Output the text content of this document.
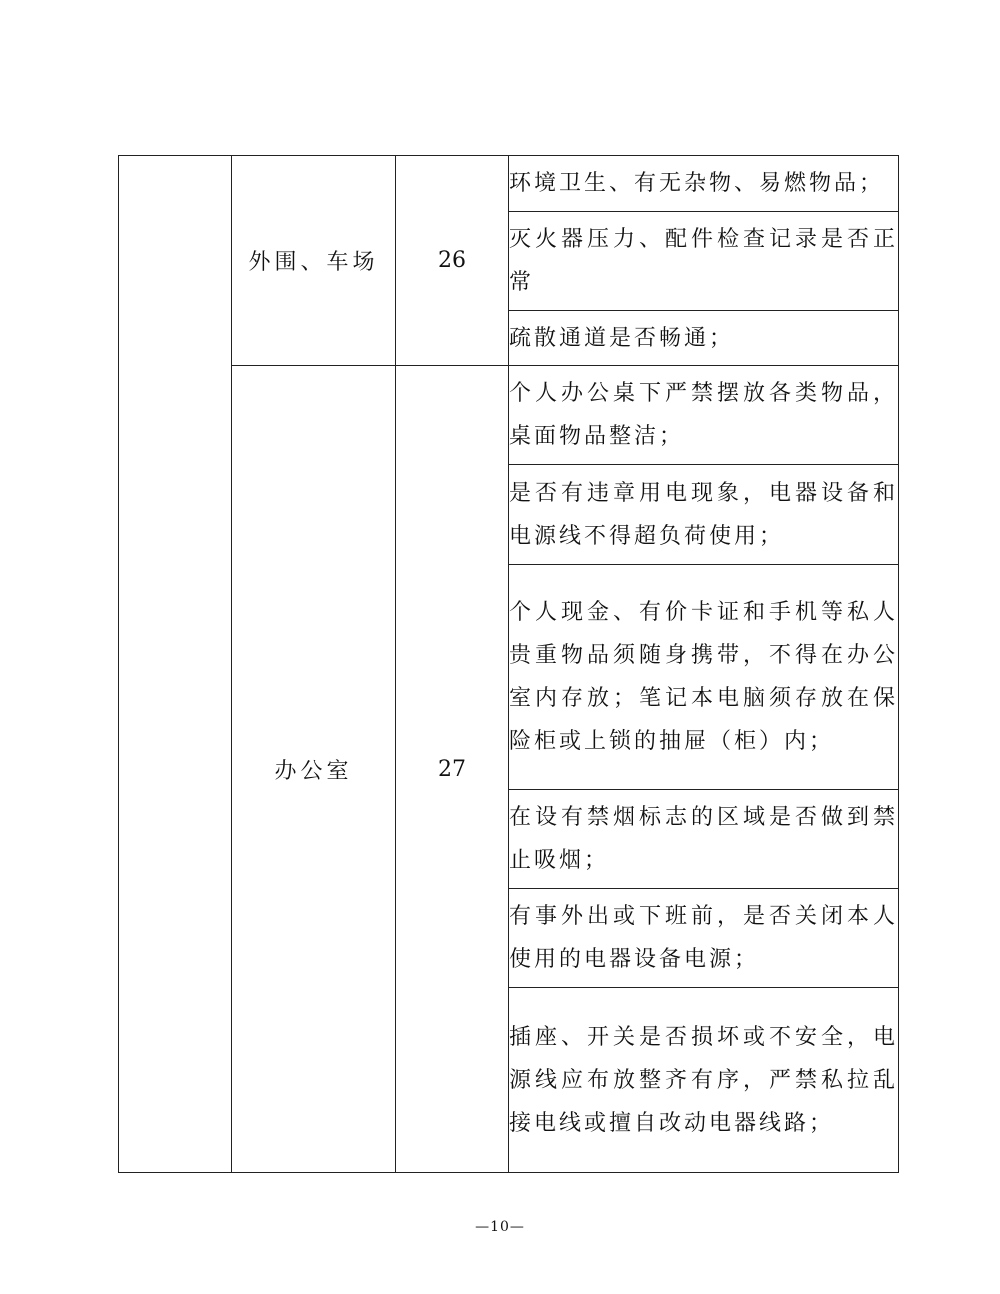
	外围、车场	26	环境卫生、有无杂物、易燃物品；
			灭火器压力、配件检查记录是否正常
			疏散通道是否畅通；
	办公室	27	个人办公桌下严禁摆放各类物品，桌面物品整洁；
			是否有违章用电现象，电器设备和电源线不得超负荷使用；
			个人现金、有价卡证和手机等私人贵重物品须随身携带，不得在办公室内存放；笔记本电脑须存放在保险柜或上锁的抽屉（柜）内；
			在设有禁烟标志的区域是否做到禁止吸烟；
			有事外出或下班前，是否关闭本人使用的电器设备电源；
			插座、开关是否损坏或不安全，电源线应布放整齐有序，严禁私拉乱接电线或擅自改动电器线路；
—10—
